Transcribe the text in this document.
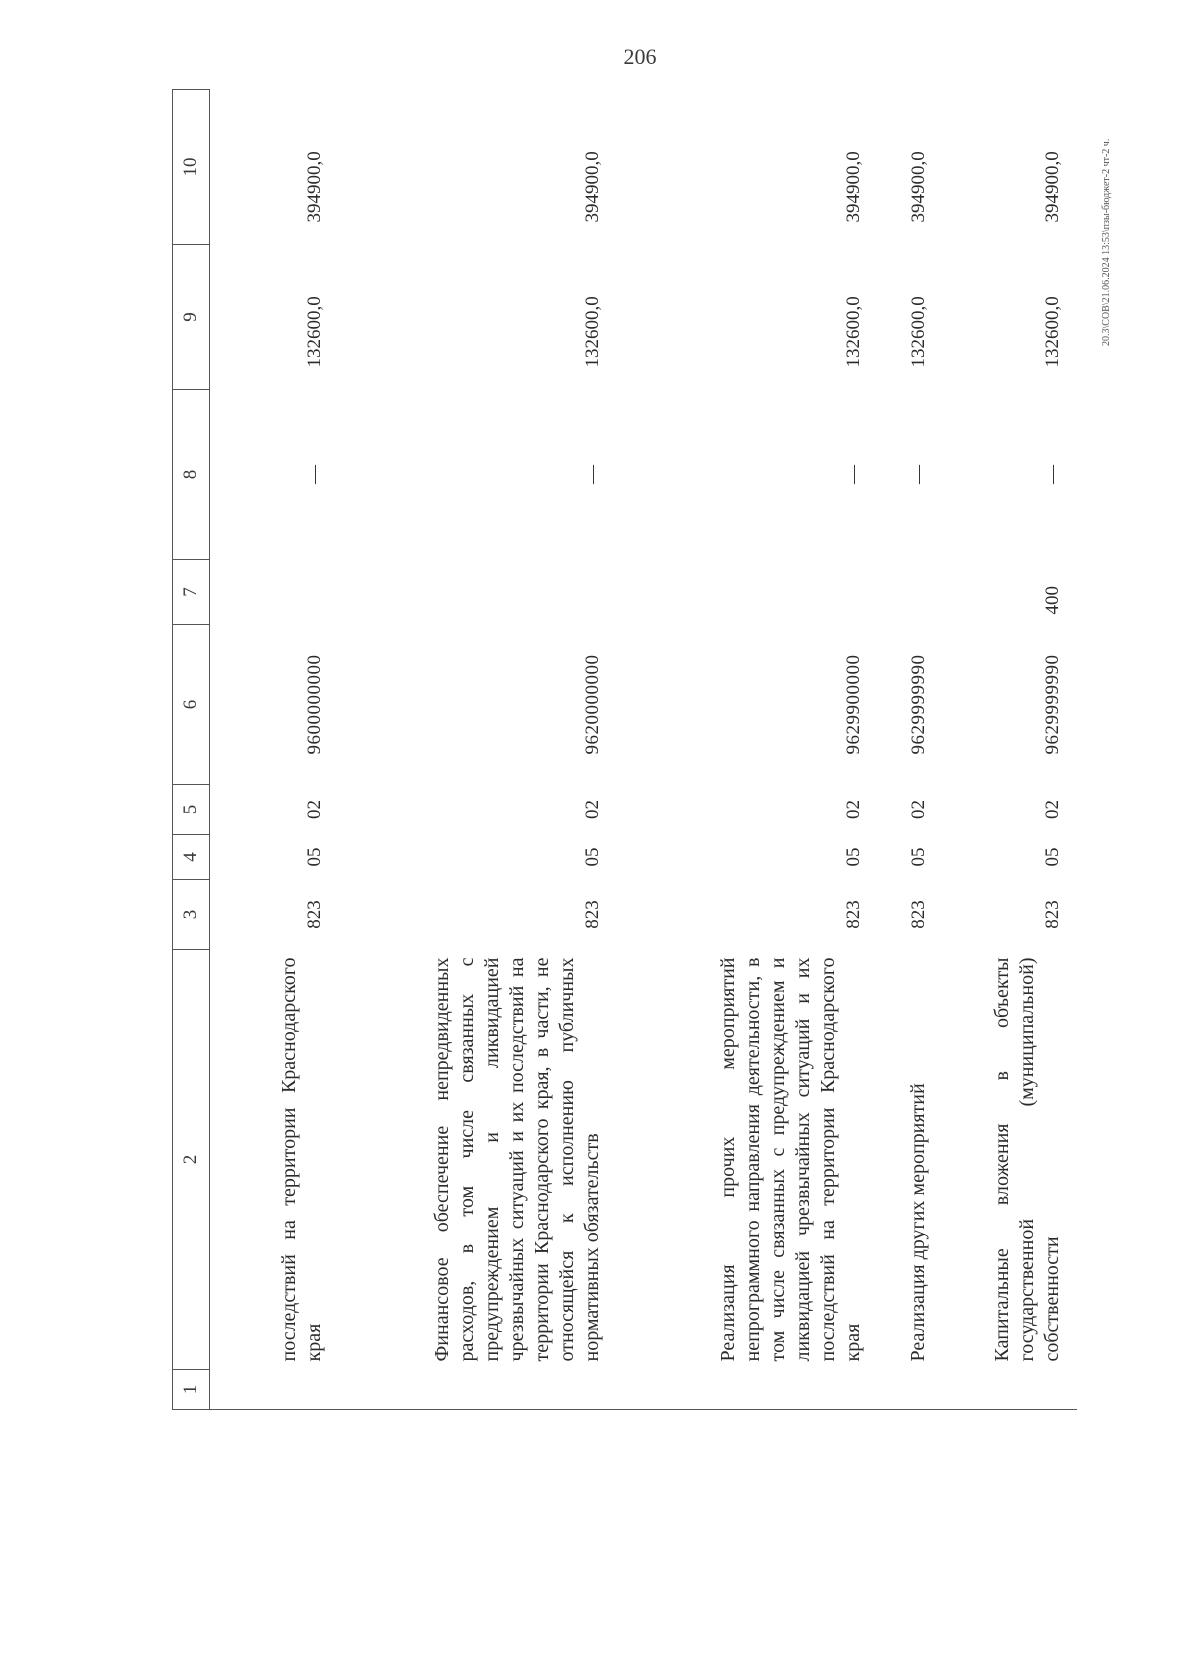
206
1	2	3	4	5	6	7	8	9	10
	последствий на территории Краснодарского края	823	05	02	9600000000		—	132600,0	394900,0
	Финансовое обеспечение непредвиденных расходов, в том числе связанных с предупреждением и ликвидацией чрезвычайных ситуаций и их последствий на территории Краснодарского края, в части, не относящейся к исполнению публичных нормативных обязательств	823	05	02	9620000000		—	132600,0	394900,0
	Реализация прочих мероприятий непрограммного направления деятельности, в том числе связанных с предупреждением и ликвидацией чрезвычайных ситуаций и их последствий на территории Краснодарского края	823	05	02	9629900000		—	132600,0	394900,0
	Реализация других мероприятий	823	05	02	9629999990		—	132600,0	394900,0
	Капитальные вложения в объекты государственной (муниципальной) собственности	823	05	02	9629999990	400	—	132600,0	394900,0	20.3\СОВ\21.06.2024 13:53\пзы-бюджет-2 чт-2 ч.
